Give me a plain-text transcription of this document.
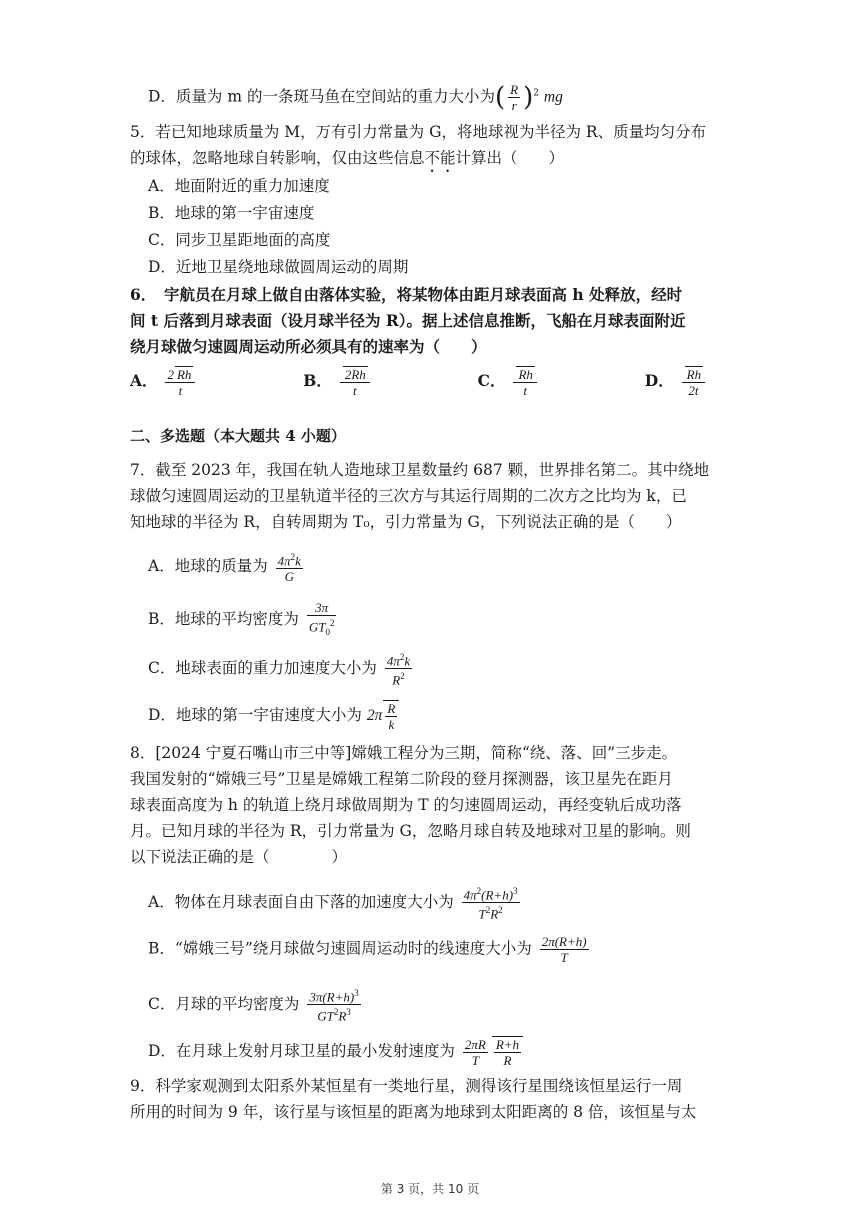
D．质量为 m 的一条斑马鱼在空间站的重力大小为( $\frac{R}{r} )^2$ mg
5．若已知地球质量为 M，万有引力常量为 G，将地球视为半径为 R、质量均匀分布
的球体，忽略地球自转影响，仅由这些信息不能计算出（　　）
A．地面附近的重力加速度
B．地球的第一宇宙速度
C．同步卫星距地面的高度
D．近地卫星绕地球做圆周运动的周期
6．　宇航员在月球上做自由落体实验，将某物体由距月球表面高 h 处释放，经时
间 t 后落到月球表面（设月球半径为 R）。据上述信息推断，飞船在月球表面附近
绕月球做匀速圆周运动所必须具有的速率为（　　）
A． $\frac{2 Rh}{t}$	B． $\frac{2Rh}{t}$	C． $\frac{Rh}{t}$	D． $\frac{Rh}{2t}$
二、多选题（本大题共 4 小题）
7．截至 2023 年，我国在轨人造地球卫星数量约 687 颗，世界排名第二。其中绕地
球做匀速圆周运动的卫星轨道半径的三次方与其运行周期的二次方之比均为 k，已
知地球的半径为 R，自转周期为 T₀，引力常量为 G，下列说法正确的是（　　）
A．地球的质量为 $\frac{4\pi^2k}{G}$
B．地球的平均密度为 $\frac{3\pi}{GT_0^2}$
C．地球表面的重力加速度大小为 $\frac{4\pi^2k}{R^2}$
D．地球的第一宇宙速度大小为 $2\pi \frac{R}{k}$
8．[2024 宁夏石嘴山市三中等]嫦娥工程分为三期，简称“绕、落、回”三步走。
我国发射的“嫦娥三号”卫星是嫦娥工程第二阶段的登月探测器，该卫星先在距月
球表面高度为 h 的轨道上绕月球做周期为 T 的匀速圆周运动，再经变轨后成功落
月。已知月球的半径为 R，引力常量为 G，忽略月球自转及地球对卫星的影响。则
以下说法正确的是（　　　　）
A．物体在月球表面自由下落的加速度大小为 $\frac{4\pi^2(R+h)^3}{T^2R^2}$
B．“嫦娥三号”绕月球做匀速圆周运动时的线速度大小为 $\frac{2\pi(R+h)}{T}$
C．月球的平均密度为 $\frac{3\pi(R+h)^3}{GT^2R^3}$
D．在月球上发射月球卫星的最小发射速度为 $\frac{2\pi R}{T} \frac{R+h}{R}$
9．科学家观测到太阳系外某恒星有一类地行星，测得该行星围绕该恒星运行一周
所用的时间为 9 年，该行星与该恒星的距离为地球到太阳距离的 8 倍，该恒星与太
第 3 页，共 10 页
